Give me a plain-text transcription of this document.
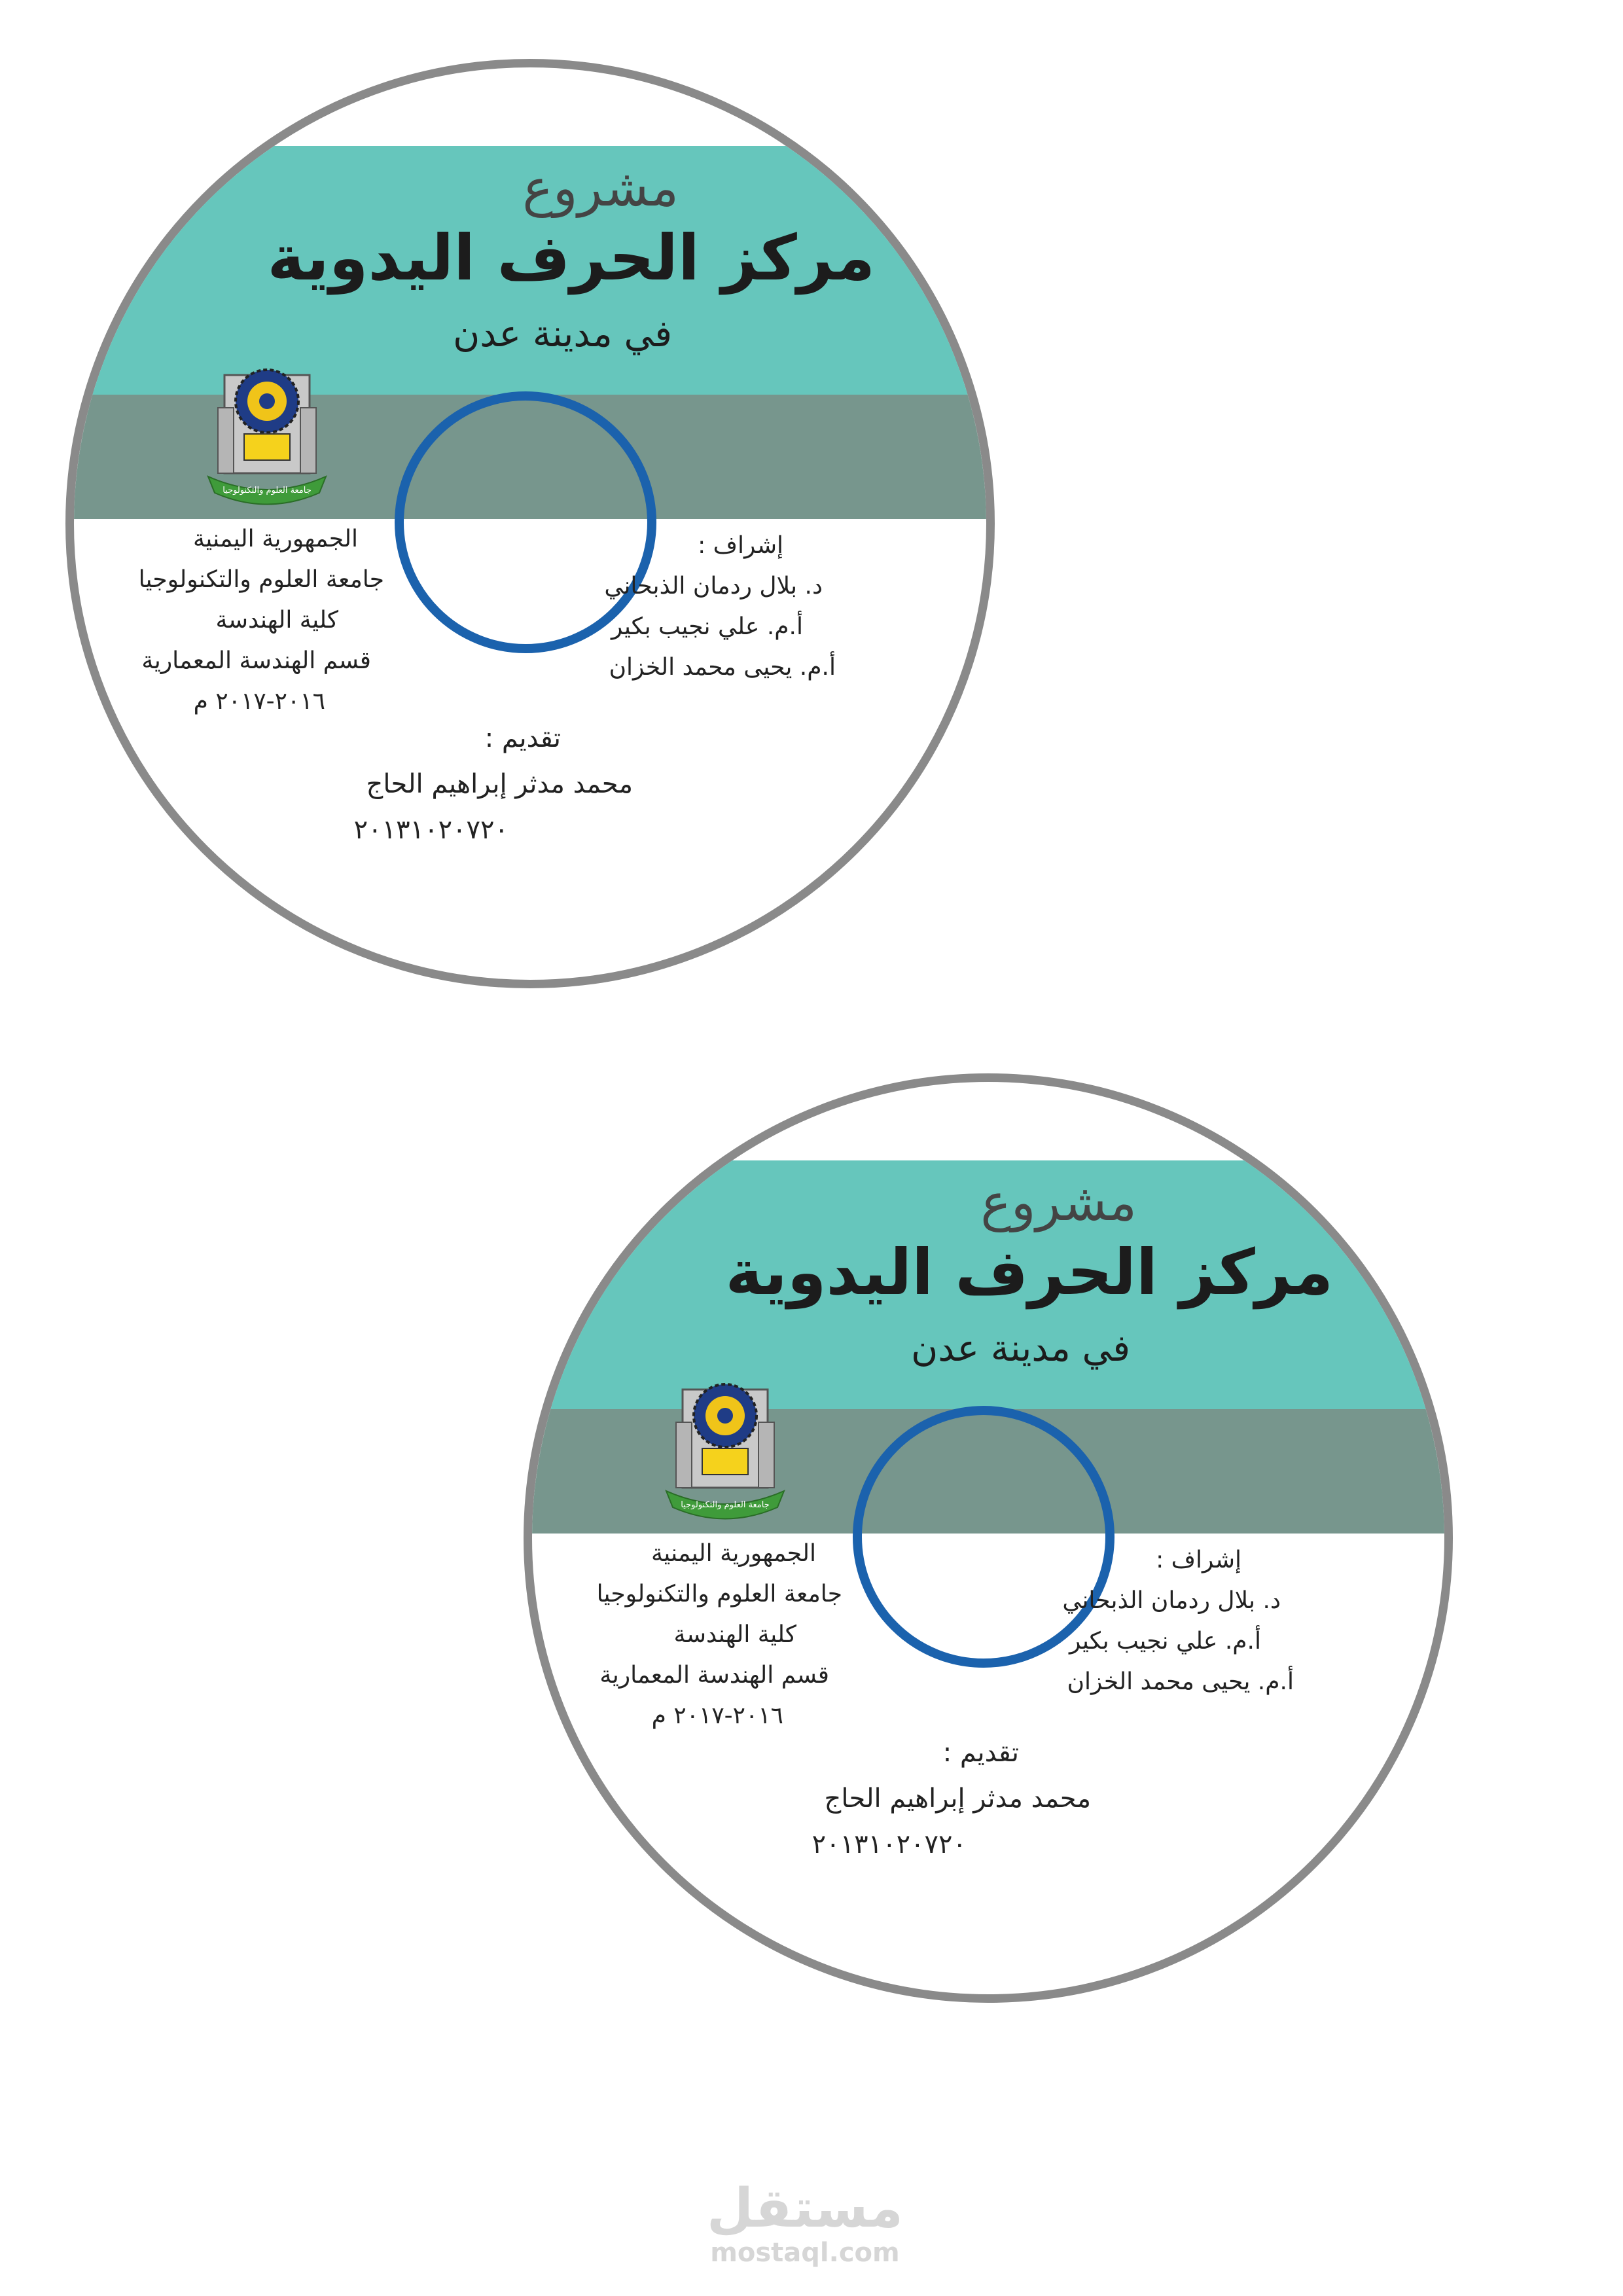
مشروع
مركز الحرف اليدوية
في مدينة عدن
جامعة العلوم والتكنولوجيا
الجمهورية اليمنية
جامعة العلوم والتكنولوجيا
كلية الهندسة
قسم الهندسة المعمارية
٢٠١٦-٢٠١٧ م
إشراف :
د. بلال ردمان الذبحاني
أ.م. علي نجيب بكير
أ.م. يحيى محمد الخزان
تقديم :
محمد مدثر إبراهيم الحاج
٢٠١٣١٠٢٠٧٢٠
مشروع
مركز الحرف اليدوية
في مدينة عدن
جامعة العلوم والتكنولوجيا
الجمهورية اليمنية
جامعة العلوم والتكنولوجيا
كلية الهندسة
قسم الهندسة المعمارية
٢٠١٦-٢٠١٧ م
إشراف :
د. بلال ردمان الذبحاني
أ.م. علي نجيب بكير
أ.م. يحيى محمد الخزان
تقديم :
محمد مدثر إبراهيم الحاج
٢٠١٣١٠٢٠٧٢٠
مستقل
mostaql.com
